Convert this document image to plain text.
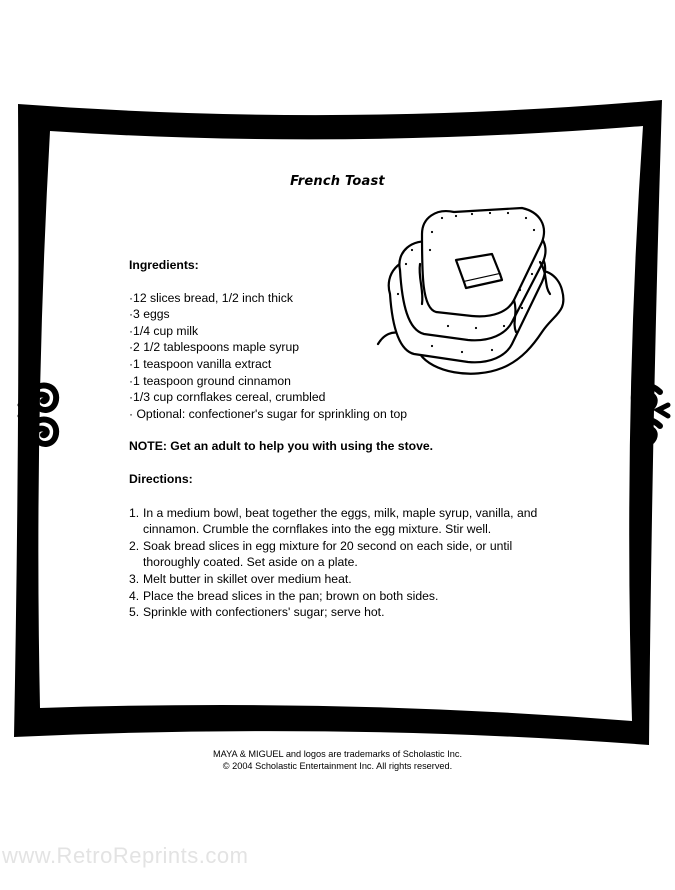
French Toast

Ingredients:

·12 slices bread, 1/2 inch thick
·3 eggs
·1/4 cup milk
·2 1/2 tablespoons maple syrup
·1 teaspoon vanilla extract
·1 teaspoon ground cinnamon
·1/3 cup cornflakes cereal, crumbled
· Optional: confectioner's sugar for sprinkling on top

NOTE: Get an adult to help you with using the stove.

Directions:

1. In a medium bowl, beat together the eggs, milk, maple syrup, vanilla, and cinnamon. Crumble the cornflakes into the egg mixture. Stir well.
2. Soak bread slices in egg mixture for 20 second on each side, or until thoroughly coated. Set aside on a plate.
3. Melt butter in skillet over medium heat.
4. Place the bread slices in the pan; brown on both sides.
5. Sprinkle with confectioners' sugar; serve hot.
MAYA & MIGUEL and logos are trademarks of Scholastic Inc.
© 2004 Scholastic Entertainment Inc. All rights reserved.
www.RetroReprints.com
